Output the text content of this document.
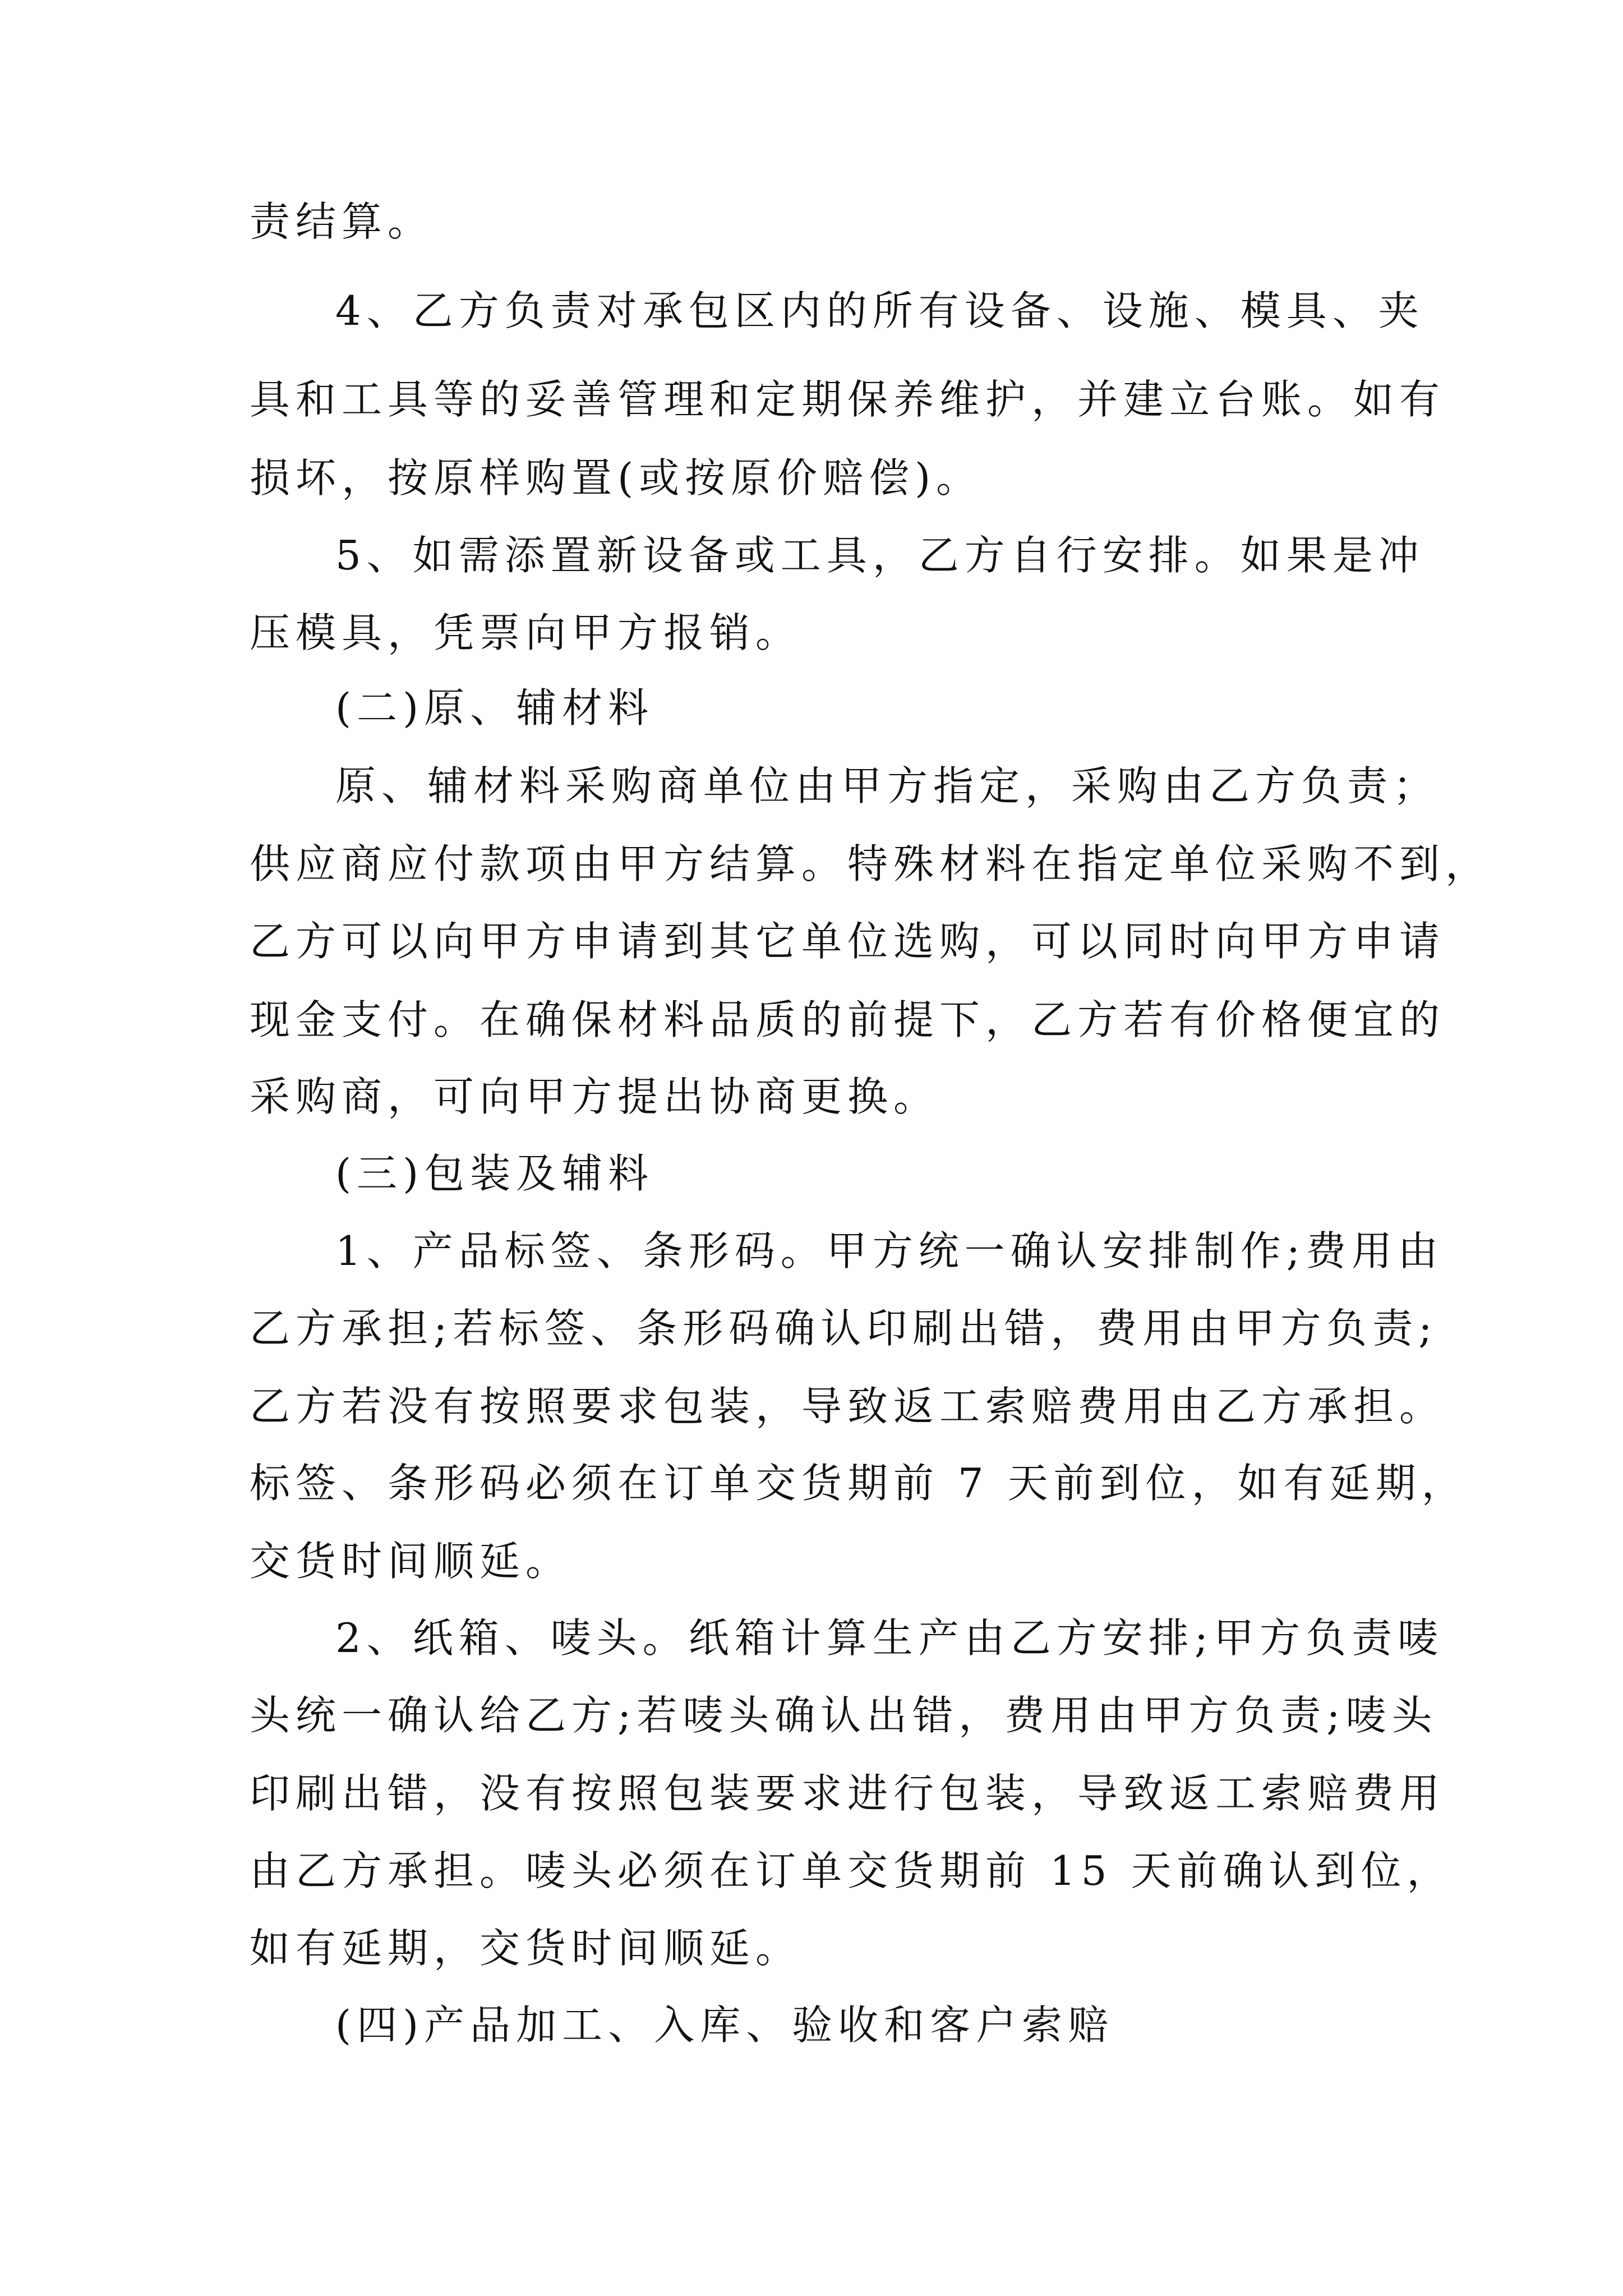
责结算。

4、乙方负责对承包区内的所有设备、设施、模具、夹

具和工具等的妥善管理和定期保养维护，并建立台账。如有

损坏，按原样购置(或按原价赔偿)。

5、如需添置新设备或工具，乙方自行安排。如果是冲

压模具，凭票向甲方报销。

(二)原、辅材料

原、辅材料采购商单位由甲方指定，采购由乙方负责；

供应商应付款项由甲方结算。特殊材料在指定单位采购不到，

乙方可以向甲方申请到其它单位选购，可以同时向甲方申请

现金支付。在确保材料品质的前提下，乙方若有价格便宜的

采购商，可向甲方提出协商更换。

(三)包装及辅料

1、产品标签、条形码。甲方统一确认安排制作;费用由

乙方承担;若标签、条形码确认印刷出错，费用由甲方负责;

乙方若没有按照要求包装，导致返工索赔费用由乙方承担。

标签、条形码必须在订单交货期前 7 天前到位，如有延期，

交货时间顺延。

2、纸箱、唛头。纸箱计算生产由乙方安排;甲方负责唛

头统一确认给乙方;若唛头确认出错，费用由甲方负责;唛头

印刷出错，没有按照包装要求进行包装，导致返工索赔费用

由乙方承担。唛头必须在订单交货期前 15 天前确认到位，

如有延期，交货时间顺延。

(四)产品加工、入库、验收和客户索赔
